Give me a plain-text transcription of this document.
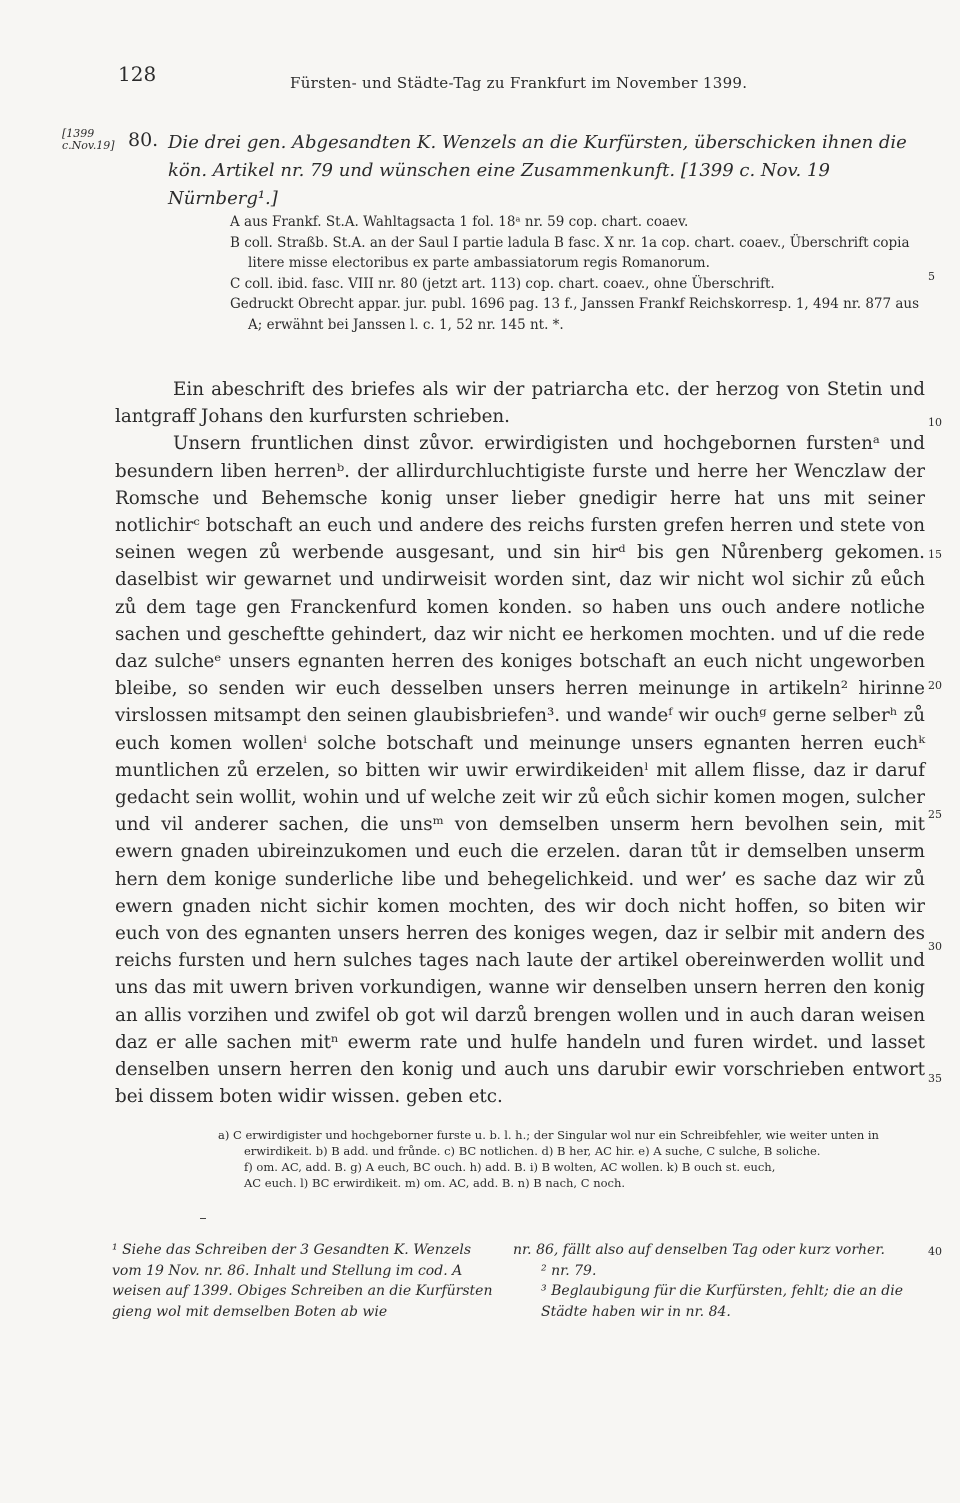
128	Fürsten- und Städte-Tag zu Frankfurt im November 1399.
[1399
c.Nov.19] 80. Die drei gen. Abgesandten K. Wenzels an die Kurfürsten, überschicken ihnen die
kön. Artikel nr. 79 und wünschen eine Zusammenkunft. [1399 c. Nov. 19 Nürnberg¹.]

A aus Frankf. St.A. Wahltagsacta 1 fol. 18ᵃ nr. 59 cop. chart. coaev.

B coll. Straßb. St.A. an der Saul I partie ladula B fasc. X nr. 1a cop. chart. coaev., Überschrift copia litere misse electoribus ex parte ambassiatorum regis Romanorum.

C coll. ibid. fasc. VIII nr. 80 (jetzt art. 113) cop. chart. coaev., ohne Überschrift.

Gedruckt Obrecht appar. jur. publ. 1696 pag. 13 f., Janssen Frankf Reichskorresp. 1, 494 nr. 877 aus A; erwähnt bei Janssen l. c. 1, 52 nr. 145 nt. *.

5
10
15
20
25
30
35
40

Ein abeschrift des briefes als wir der patriarcha etc. der herzog von Stetin und lantgraff Johans den kurfursten schrieben.

Unsern fruntlichen dinst zůvor. erwirdigisten und hochgebornen furstenᵃ und besundern liben herrenᵇ. der allirdurchluchtigiste furste und herre her Wenczlaw der Romsche und Behemsche konig unser lieber gnedigir herre hat uns mit seiner notlichirᶜ botschaft an euch und andere des reichs fursten grefen herren und stete von seinen wegen zů werbende ausgesant, und sin hirᵈ bis gen Nůrenberg gekomen. daselbist wir gewarnet und undirweisit worden sint, daz wir nicht wol sichir zů eůch zů dem tage gen Franckenfurd komen konden. so haben uns ouch andere notliche sachen und gescheftte gehindert, daz wir nicht ee herkomen mochten. und uf die rede daz sulcheᵉ unsers egnanten herren des koniges botschaft an euch nicht ungeworben bleibe, so senden wir euch desselben unsers herren meinunge in artikeln² hirinne virslossen mitsampt den seinen glaubisbriefen³. und wandeᶠ wir ouchᵍ gerne selberʰ zů euch komen wollenⁱ solche botschaft und meinunge unsers egnanten herren euchᵏ muntlichen zů erzelen, so bitten wir uwir erwirdikeidenˡ mit allem flisse, daz ir daruf gedacht sein wollit, wohin und uf welche zeit wir zů eůch sichir komen mogen, sulcher und vil anderer sachen, die unsᵐ von demselben unserm hern bevolhen sein, mit ewern gnaden ubireinzukomen und euch die erzelen. daran tůt ir demselben unserm hern dem konige sunderliche libe und behegelichkeid. und wer’ es sache daz wir zů ewern gnaden nicht sichir komen mochten, des wir doch nicht hoffen, so biten wir euch von des egnanten unsers herren des koniges wegen, daz ir selbir mit andern des reichs fursten und hern sulches tages nach laute der artikel obereinwerden wollit und uns das mit uwern briven vorkundigen, wanne wir denselben unsern herren den konig an allis vorzihen und zwifel ob got wil darzů brengen wollen und in auch daran weisen daz er alle sachen mitⁿ ewerm rate und hulfe handeln und furen wirdet. und lasset denselben unsern herren den konig und auch uns darubir ewir vorschrieben entwort bei dissem boten widir wissen. geben etc.

a) C erwirdigister und hochgeborner furste u. b. l. h.; der Singular wol nur ein Schreibfehler, wie weiter unten in

erwirdikeit. b) B add. und frůnde. c) BC notlichen. d) B her, AC hir. e) A suche, C sulche, B soliche.

f) om. AC, add. B. g) A euch, BC ouch. h) add. B. i) B wolten, AC wollen. k) B ouch st. euch,

AC euch. l) BC erwirdikeit. m) om. AC, add. B. n) B nach, C noch.

¹ Siehe das Schreiben der 3 Gesandten K. Wenzels vom 19 Nov. nr. 86. Inhalt und Stellung im cod. A weisen auf 1399. Obiges Schreiben an die Kurfürsten gieng wol mit demselben Boten ab wie

nr. 86, fällt also auf denselben Tag oder kurz vorher.

² nr. 79.

³ Beglaubigung für die Kurfürsten, fehlt; die an die Städte haben wir in nr. 84.
